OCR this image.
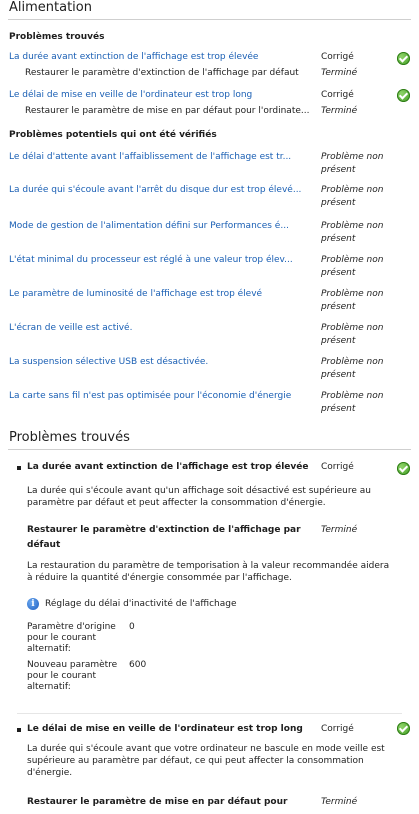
Alimentation
Problèmes trouvés
La durée avant extinction de l'affichage est trop élevée	Corrigé
Restaurer le paramètre d'extinction de l'affichage par défaut Terminé
Le délai de mise en veille de l'ordinateur est trop long	Corrigé
Restaurer le paramètre de mise en par défaut pour l'ordinate... Terminé
Problèmes potentiels qui ont été vérifiés
Le délai d'attente avant l'affaiblissement de l'affichage est tr...	Problème non
présent
La durée qui s'écoule avant l'arrêt du disque dur est trop élevé... Problème non
présent
Mode de gestion de l'alimentation défini sur Performances é...	Problème non
présent
L'état minimal du processeur est réglé à une valeur trop élev...	Problème non
présent
Le paramètre de luminosité de l'affichage est trop élevé	Problème non
présent
L'écran de veille est activé.	Problème non
présent
La suspension sélective USB est désactivée.	Problème non
présent
La carte sans fil n'est pas optimisée pour l'économie d'énergie	Problème non
présent
Problèmes trouvés
La durée avant extinction de l'affichage est trop élevée Corrigé
La durée qui s'écoule avant qu'un affichage soit désactivé est supérieure au paramètre par défaut et peut affecter la consommation d'énergie.
Restaurer le paramètre d'extinction de l'affichage par
défaut
Terminé
La restauration du paramètre de temporisation à la valeur recommandée aidera à réduire la quantité d'énergie consommée par l'affichage.
i	Réglage du délai d'inactivité de l'affichage
Paramètre d'origine
pour le courant
alternatif:
0
Nouveau paramètre
pour le courant
alternatif:
600
Le délai de mise en veille de l'ordinateur est trop long Corrigé
La durée qui s'écoule avant que votre ordinateur ne bascule en mode veille est supérieure au paramètre par défaut, ce qui peut affecter la consommation d'énergie.
Restaurer le paramètre de mise en par défaut pour	Terminé
